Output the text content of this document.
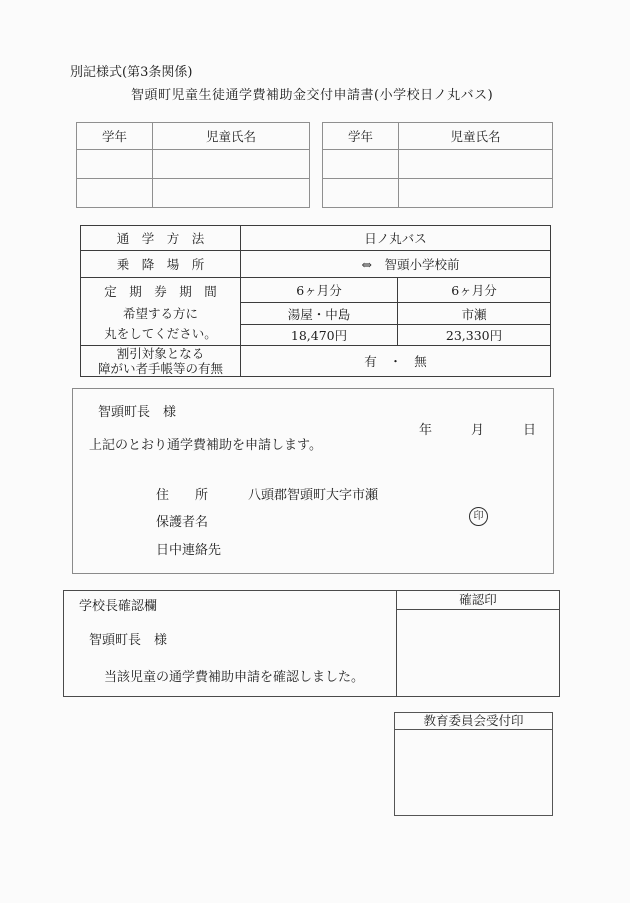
別記様式(第3条関係)
智頭町児童生徒通学費補助金交付申請書(小学校日ノ丸バス)
学年	児童氏名

		学年	児童氏名

通　学　方　法	日ノ丸バス	
乗　降　場　所	⇔　智頭小学校前	

定　期　券　期　間
希望する方に
丸をしてください。	6ヶ月分	6ヶ月分
	湯屋・中島	市瀬
	18,470円	23,330円

割引対象となる
障がい者手帳等の有無	有　・　無	
智頭町長　様
年　　　月　　　日
上記のとおり通学費補助を申請します。
住　　所	八頭郡智頭町大字市瀬
保護者名	印
日中連絡先
学校長確認欄
智頭町長　様
当該児童の通学費補助申請を確認しました。
確認印
教育委員会受付印
